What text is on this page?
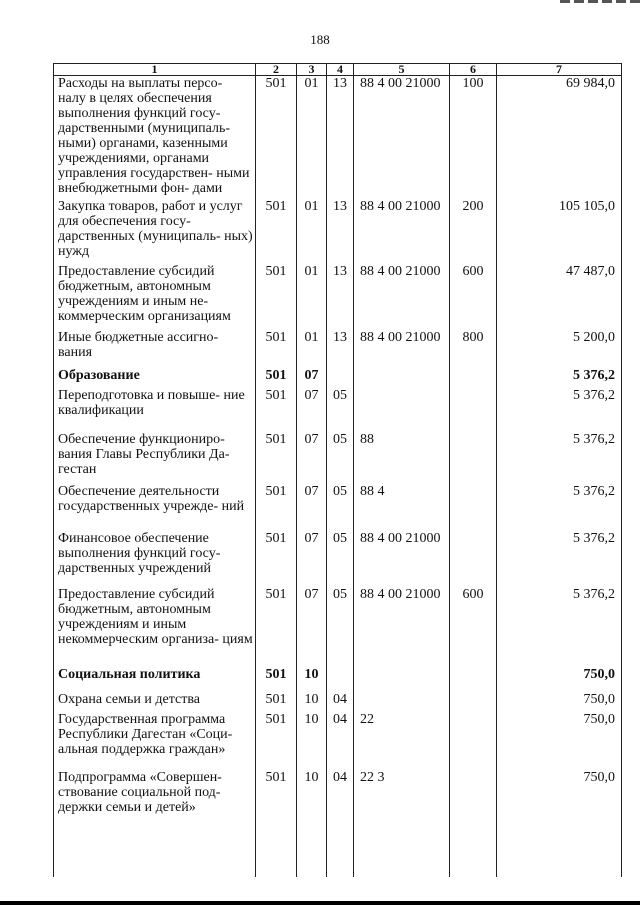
188
1	2	3	4	5	6	7
Расходы на выплаты персо- налу в целях обеспечения выполнения функций госу- дарственными (муниципаль- ными) органами, казенными учреждениями, органами управления государствен- ными внебюджетными фон- дами	501	01	13	88 4 00 21000	100	69 984,0
Закупка товаров, работ и услуг для обеспечения госу- дарственных (муниципаль- ных) нужд	501	01	13	88 4 00 21000	200	105 105,0
Предоставление субсидий бюджетным, автономным учреждениям и иным не- коммерческим организациям	501	01	13	88 4 00 21000	600	47 487,0
Иные бюджетные ассигно- вания	501	01	13	88 4 00 21000	800	5 200,0
Образование	501	07				5 376,2
Переподготовка и повыше- ние квалификации	501	07	05			5 376,2
Обеспечение функциониро- вания Главы Республики Да- гестан	501	07	05	88		5 376,2
Обеспечение деятельности государственных учрежде- ний	501	07	05	88 4		5 376,2
Финансовое обеспечение выполнения функций госу- дарственных учреждений	501	07	05	88 4 00 21000		5 376,2
Предоставление субсидий бюджетным, автономным учреждениям и иным некоммерческим организа- циям	501	07	05	88 4 00 21000	600	5 376,2
Социальная политика	501	10				750,0
Охрана семьи и детства	501	10	04			750,0
Государственная программа Республики Дагестан «Соци- альная поддержка граждан»	501	10	04	22		750,0
Подпрограмма «Совершен- ствование социальной под- держки семьи и детей»	501	10	04	22 3		750,0
